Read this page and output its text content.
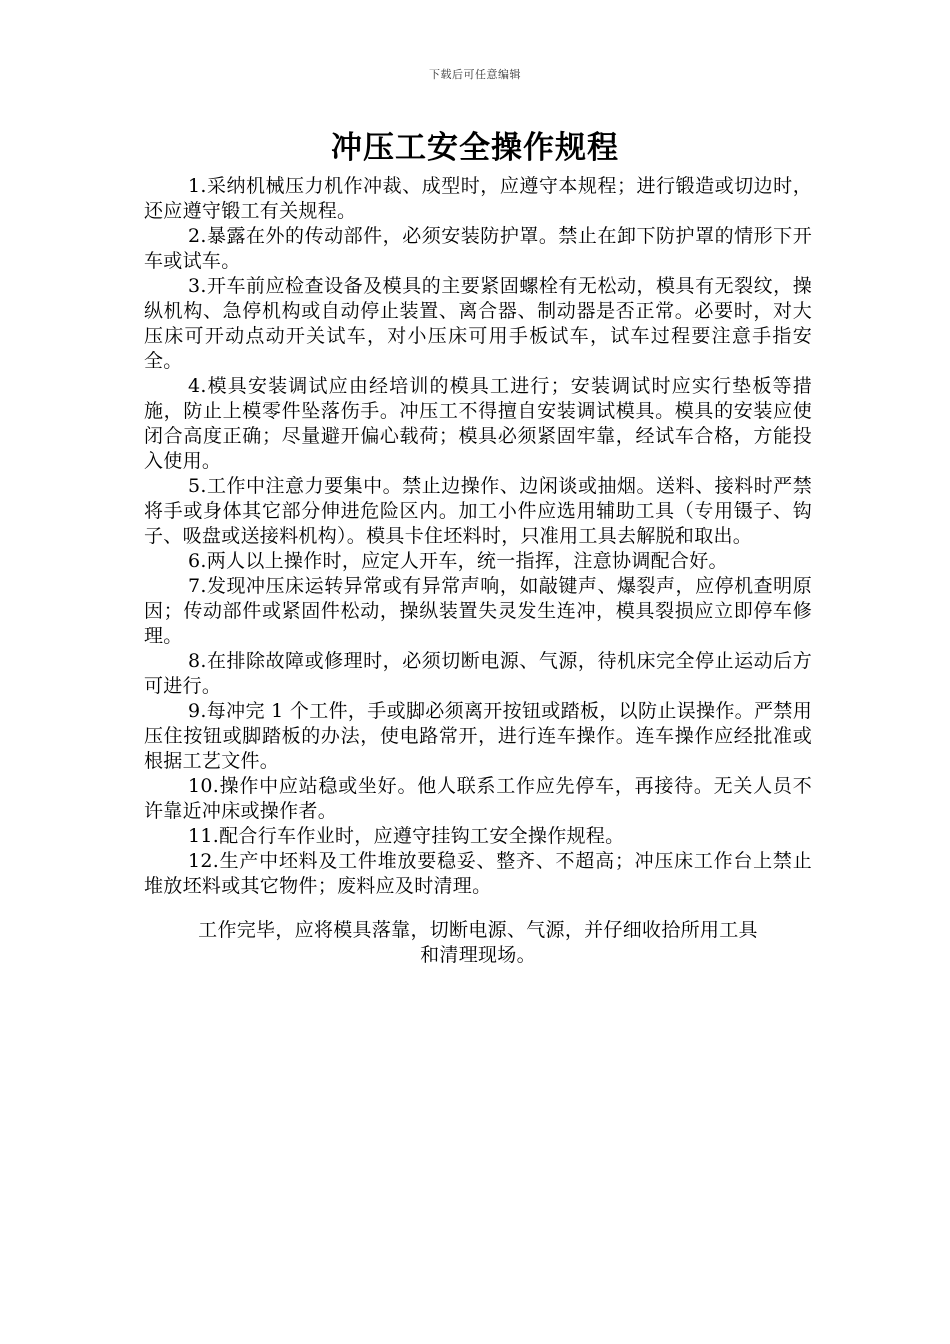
下载后可任意编辑
冲压工安全操作规程

1.采纳机械压力机作冲裁、成型时，应遵守本规程；进行锻造或切边时，还应遵守锻工有关规程。

2.暴露在外的传动部件，必须安装防护罩。禁止在卸下防护罩的情形下开车或试车。

3.开车前应检查设备及模具的主要紧固螺栓有无松动，模具有无裂纹，操纵机构、急停机构或自动停止装置、离合器、制动器是否正常。必要时，对大压床可开动点动开关试车，对小压床可用手板试车，试车过程要注意手指安全。

4.模具安装调试应由经培训的模具工进行；安装调试时应实行垫板等措施，防止上模零件坠落伤手。冲压工不得擅自安装调试模具。模具的安装应使闭合高度正确；尽量避开偏心载荷；模具必须紧固牢靠，经试车合格，方能投入使用。

5.工作中注意力要集中。禁止边操作、边闲谈或抽烟。送料、接料时严禁将手或身体其它部分伸进危险区内。加工小件应选用辅助工具（专用镊子、钩子、吸盘或送接料机构）。模具卡住坯料时，只准用工具去解脱和取出。

6.两人以上操作时，应定人开车，统一指挥，注意协调配合好。

7.发现冲压床运转异常或有异常声响，如敲键声、爆裂声，应停机查明原因；传动部件或紧固件松动，操纵装置失灵发生连冲，模具裂损应立即停车修理。

8.在排除故障或修理时，必须切断电源、气源，待机床完全停止运动后方可进行。

9.每冲完 1 个工件，手或脚必须离开按钮或踏板，以防止误操作。严禁用压住按钮或脚踏板的办法，使电路常开，进行连车操作。连车操作应经批准或根据工艺文件。

10.操作中应站稳或坐好。他人联系工作应先停车，再接待。无关人员不许靠近冲床或操作者。

11.配合行车作业时，应遵守挂钩工安全操作规程。

12.生产中坯料及工件堆放要稳妥、整齐、不超高；冲压床工作台上禁止堆放坯料或其它物件；废料应及时清理。

工作完毕，应将模具落靠，切断电源、气源，并仔细收拾所用工具
和清理现场。
